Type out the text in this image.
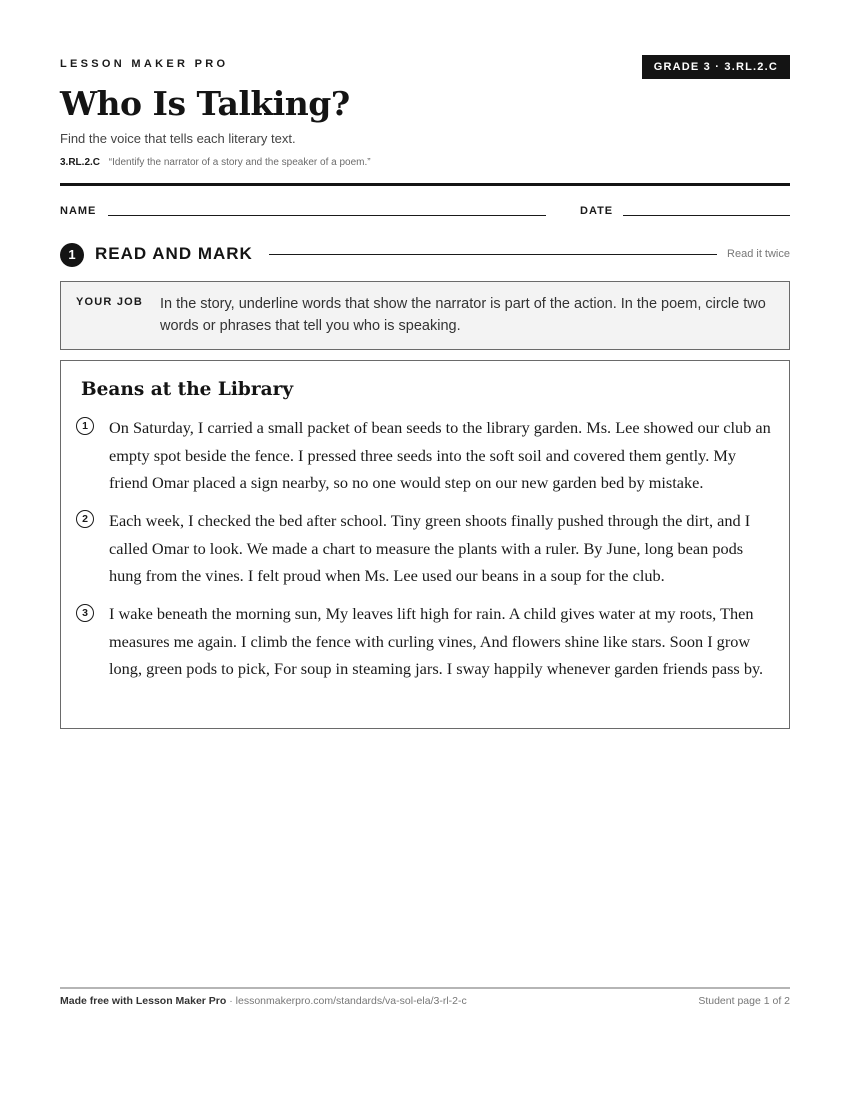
LESSON MAKER PRO	GRADE 3 · 3.RL.2.C
Who Is Talking?
Find the voice that tells each literary text.
3.RL.2.C “Identify the narrator of a story and the speaker of a poem.”
NAME	DATE
1	READ AND MARK	Read it twice
YOUR JOB In the story, underline words that show the narrator is part of the action. In the poem, circle two words or phrases that tell you who is speaking.
Beans at the Library
1	On Saturday, I carried a small packet of bean seeds to the library garden. Ms. Lee showed our club an empty spot beside the fence. I pressed three seeds into the soft soil and covered them gently. My friend Omar placed a sign nearby, so no one would step on our new garden bed by mistake.
2	Each week, I checked the bed after school. Tiny green shoots finally pushed through the dirt, and I called Omar to look. We made a chart to measure the plants with a ruler. By June, long bean pods hung from the vines. I felt proud when Ms. Lee used our beans in a soup for the club.
3	I wake beneath the morning sun, My leaves lift high for rain. A child gives water at my roots, Then measures me again. I climb the fence with curling vines, And flowers shine like stars. Soon I grow long, green pods to pick, For soup in steaming jars. I sway happily whenever garden friends pass by.
Made free with Lesson Maker Pro · lessonmakerpro.com/standards/va-sol-ela/3-rl-2-c	Student page 1 of 2
